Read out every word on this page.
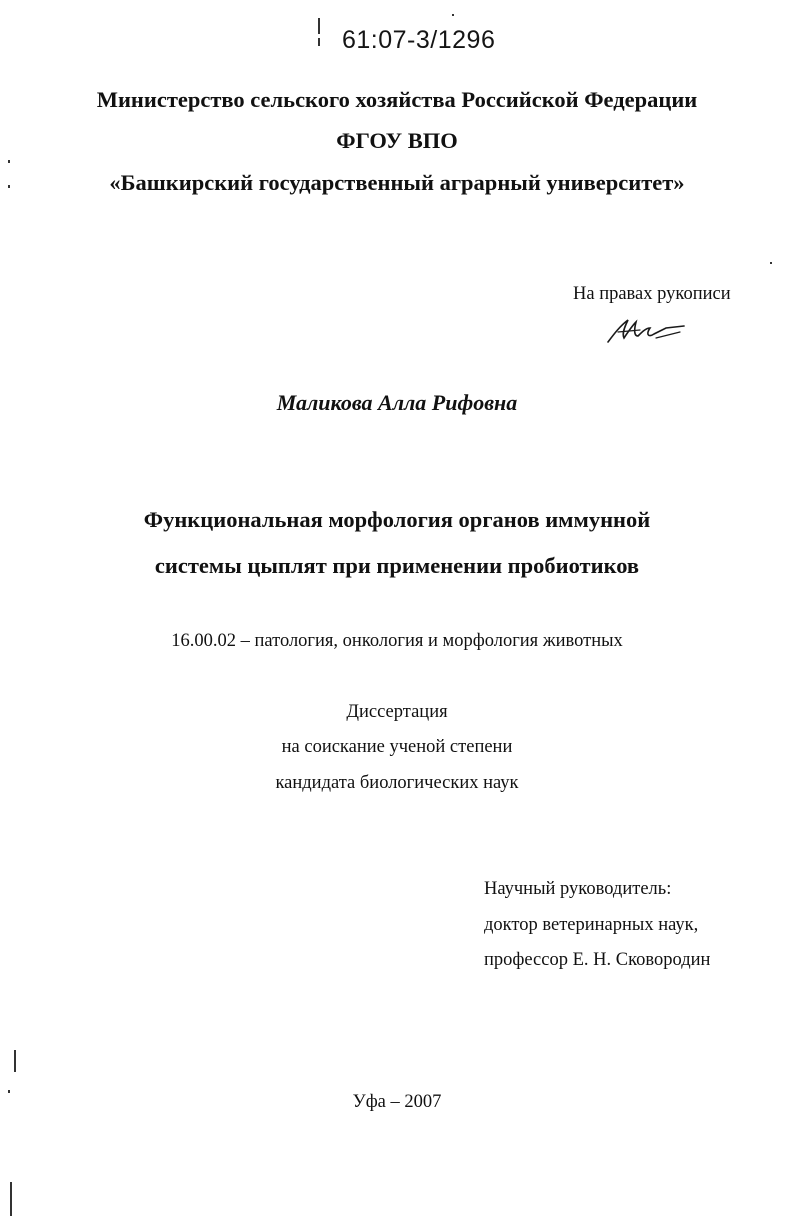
61:07-3/1296
Министерство сельского хозяйства Российской Федерации
ФГОУ ВПО
«Башкирский государственный аграрный университет»
На правах рукописи
Маликова Алла Рифовна
Функциональная морфология органов иммунной
системы цыплят при применении пробиотиков
16.00.02 – патология, онкология и морфология животных
Диссертация
на соискание ученой степени
кандидата биологических наук
Научный руководитель:
доктор ветеринарных наук,
профессор Е. Н. Сковородин
Уфа – 2007
